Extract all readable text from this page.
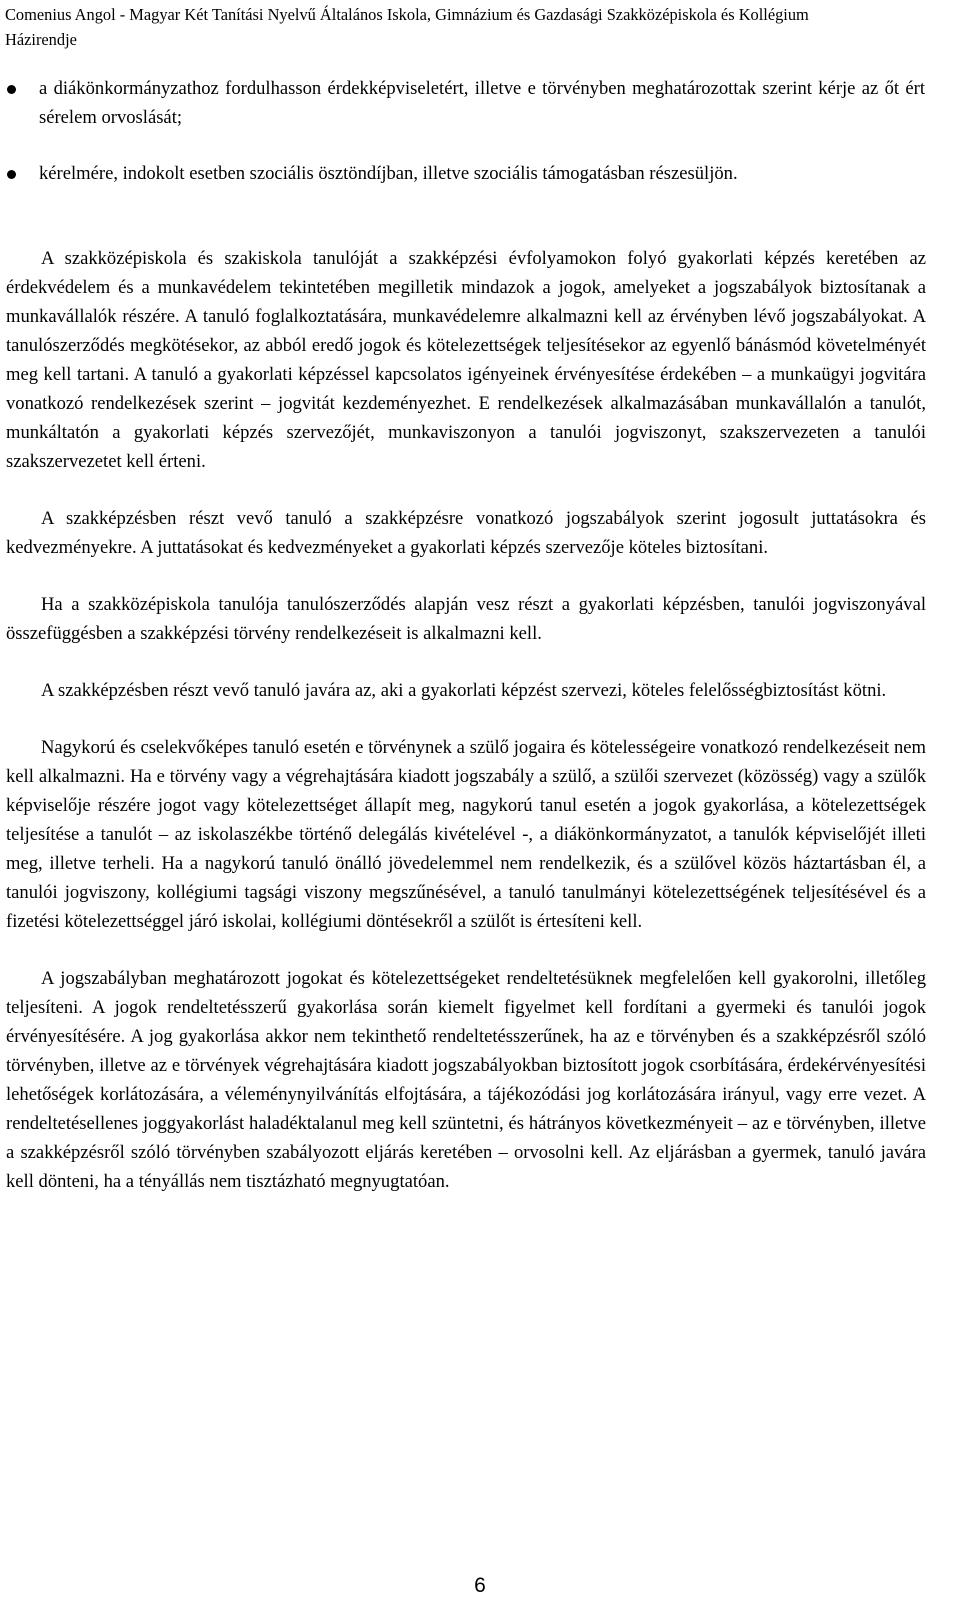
Comenius Angol - Magyar Két Tanítási Nyelvű Általános Iskola, Gimnázium és Gazdasági Szakközépiskola és Kollégium
Házirendje
a diákönkormányzathoz fordulhasson érdekképviseletért, illetve e törvényben meghatározottak szerint kérje az őt ért sérelem orvoslását;
kérelmére, indokolt esetben szociális ösztöndíjban, illetve szociális támogatásban részesüljön.

A szakközépiskola és szakiskola tanulóját a szakképzési évfolyamokon folyó gyakorlati képzés keretében az érdekvédelem és a munkavédelem tekintetében megilletik mindazok a jogok, amelyeket a jogszabályok biztosítanak a munkavállalók részére. A tanuló foglalkoztatására, munkavédelemre alkalmazni kell az érvényben lévő jogszabályokat. A tanulószerződés megkötésekor, az abból eredő jogok és kötelezettségek teljesítésekor az egyenlő bánásmód követelményét meg kell tartani. A tanuló a gyakorlati képzéssel kapcsolatos igényeinek érvényesítése érdekében – a munkaügyi jogvitára vonatkozó rendelkezések szerint – jogvitát kezdeményezhet. E rendelkezések alkalmazásában munkavállalón a tanulót, munkáltatón a gyakorlati képzés szervezőjét, munkaviszonyon a tanulói jogviszonyt, szakszervezeten a tanulói szakszervezetet kell érteni.

A szakképzésben részt vevő tanuló a szakképzésre vonatkozó jogszabályok szerint jogosult juttatásokra és kedvezményekre. A juttatásokat és kedvezményeket a gyakorlati képzés szervezője köteles biztosítani.

Ha a szakközépiskola tanulója tanulószerződés alapján vesz részt a gyakorlati képzésben, tanulói jogviszonyával összefüggésben a szakképzési törvény rendelkezéseit is alkalmazni kell.

A szakképzésben részt vevő tanuló javára az, aki a gyakorlati képzést szervezi, köteles felelősségbiztosítást kötni.

Nagykorú és cselekvőképes tanuló esetén e törvénynek a szülő jogaira és kötelességeire vonatkozó rendelkezéseit nem kell alkalmazni. Ha e törvény vagy a végrehajtására kiadott jogszabály a szülő, a szülői szervezet (közösség) vagy a szülők képviselője részére jogot vagy kötelezettséget állapít meg, nagykorú tanul esetén a jogok gyakorlása, a kötelezettségek teljesítése a tanulót – az iskolaszékbe történő delegálás kivételével -, a diákönkormányzatot, a tanulók képviselőjét illeti meg, illetve terheli. Ha a nagykorú tanuló önálló jövedelemmel nem rendelkezik, és a szülővel közös háztartásban él, a tanulói jogviszony, kollégiumi tagsági viszony megszűnésével, a tanuló tanulmányi kötelezettségének teljesítésével és a fizetési kötelezettséggel járó iskolai, kollégiumi döntésekről a szülőt is értesíteni kell.

A jogszabályban meghatározott jogokat és kötelezettségeket rendeltetésüknek megfelelően kell gyakorolni, illetőleg teljesíteni. A jogok rendeltetésszerű gyakorlása során kiemelt figyelmet kell fordítani a gyermeki és tanulói jogok érvényesítésére. A jog gyakorlása akkor nem tekinthető rendeltetésszerűnek, ha az e törvényben és a szakképzésről szóló törvényben, illetve az e törvények végrehajtására kiadott jogszabályokban biztosított jogok csorbítására, érdekérvényesítési lehetőségek korlátozására, a véleménynyilvánítás elfojtására, a tájékozódási jog korlátozására irányul, vagy erre vezet. A rendeltetésellenes joggyakorlást haladéktalanul meg kell szüntetni, és hátrányos következményeit – az e törvényben, illetve a szakképzésről szóló törvényben szabályozott eljárás keretében – orvosolni kell. Az eljárásban a gyermek, tanuló javára kell dönteni, ha a tényállás nem tisztázható megnyugtatóan.

6
